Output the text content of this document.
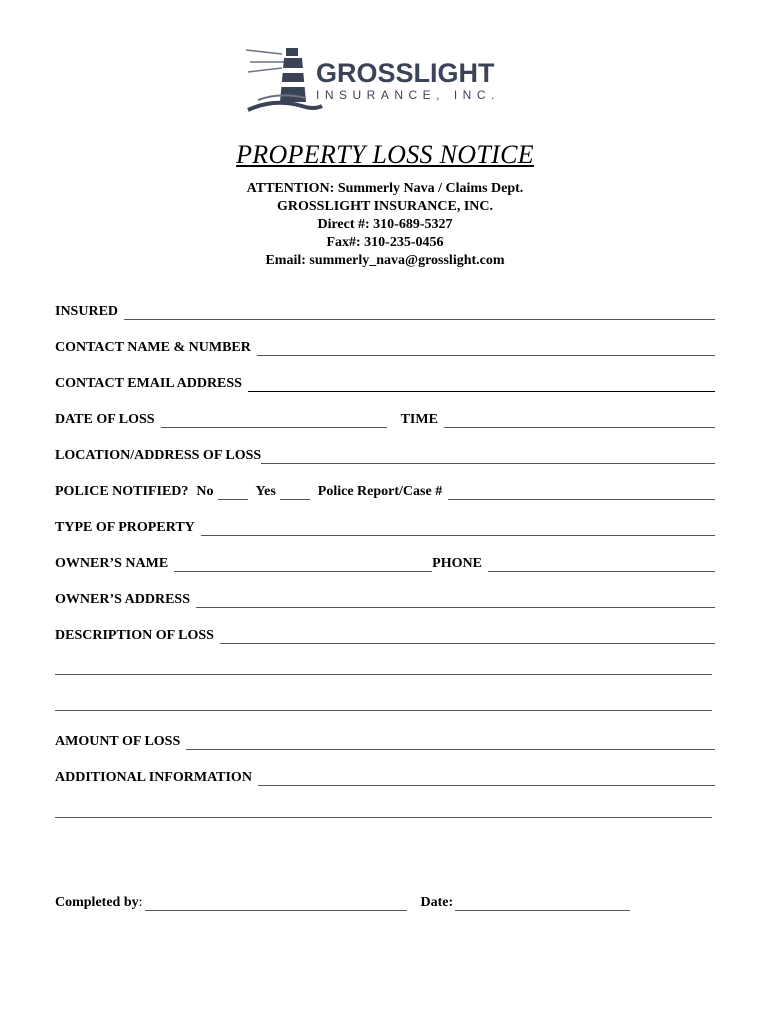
GROSSLIGHT
INSURANCE, INC.
PROPERTY LOSS NOTICE
ATTENTION: Summerly Nava / Claims Dept.
GROSSLIGHT INSURANCE, INC.
Direct #: 310-689-5327
Fax#: 310-235-0456
Email: summerly_nava@grosslight.com
INSURED
CONTACT NAME & NUMBER
CONTACT EMAIL ADDRESS
DATE OF LOSS	TIME
LOCATION/ADDRESS OF LOSS
POLICE NOTIFIED? No	Yes	Police Report/Case #
TYPE OF PROPERTY
OWNER’S NAME	PHONE
OWNER’S ADDRESS
DESCRIPTION OF LOSS
AMOUNT OF LOSS
ADDITIONAL INFORMATION
Completed by :	Date:
